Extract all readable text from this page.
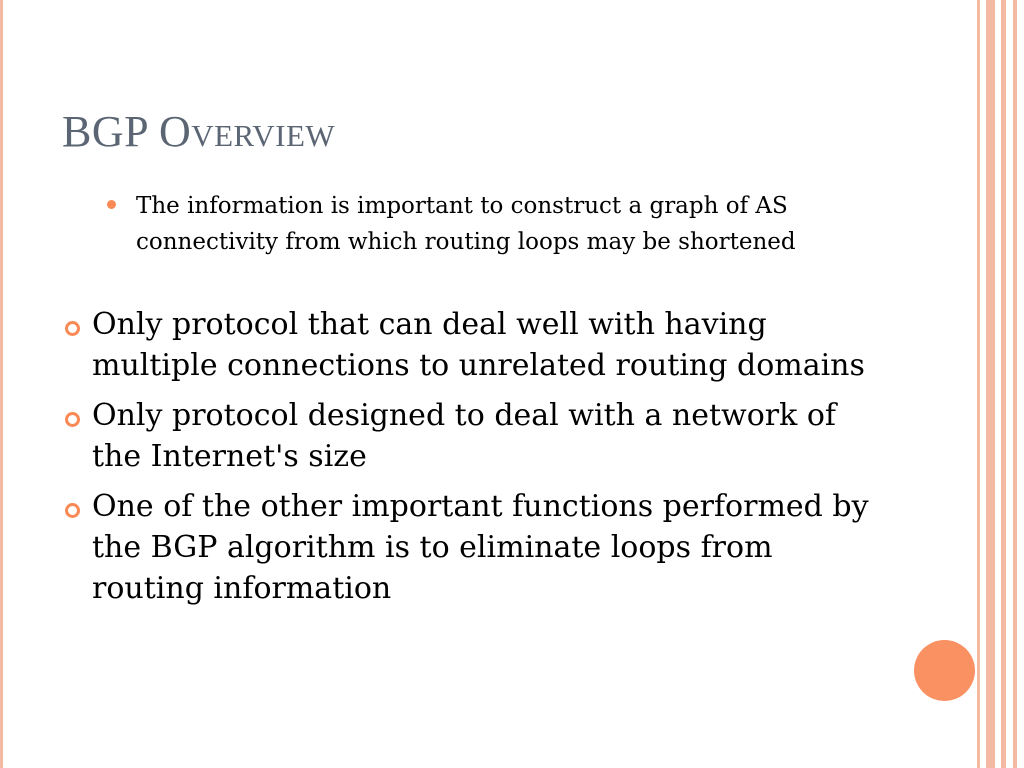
BGP Overview
The information is important to construct a graph of AS connectivity from which routing loops may be shortened
Only protocol that can deal well with having multiple connections to unrelated routing domains
Only protocol designed to deal with a network of the Internet's size
One of the other important functions performed by the BGP algorithm is to eliminate loops from routing information
